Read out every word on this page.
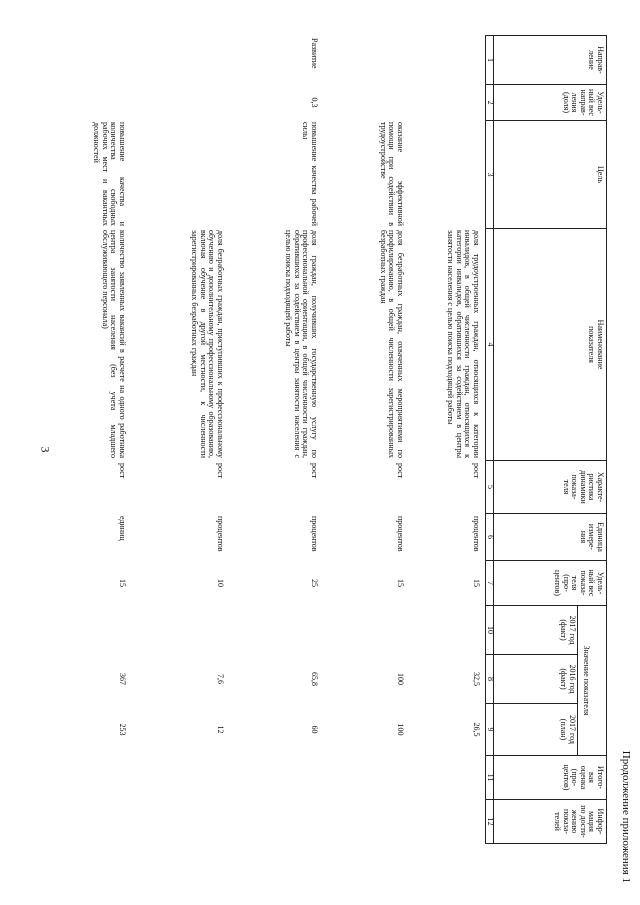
Продолжение приложения 1
Направ-
ление
Удель-
ный вес
направ-
ления
(доля)
Цель
Наименование
показателя
Характе-
ристика
динамики
показа-
теля
Единица
измере-
ния
Удель-
ный вес
показа-
теля
(про-
центов)
Значение показателя
2016 год
(факт)
2017 год
(план)
2017 год
(факт)
Итого-
вая
оценка
(про-
центов)
Инфор-
мация
по дости-
жению
показа-
телей
1
2
3
4
5
6
7
8
9
10
11
12
доля трудоустроенных граждан, относящихся к категории инвалидов, в общей численности граждан, относящихся к категории инвалидов, обратившихся за содействием в центры занятости населения с целью поиска подходящей работы
рост
процентов
15
32,5
26,5
оказание эффективной помощи при содействии в трудоустройстве
доля безработных граждан, охваченных мероприятиями по профилированию, в общей численности зарегистрированных безработных граждан
рост
процентов
15
100
100
Развитие
0,3
повышение качества рабочей силы
доля граждан, получивших государственную услугу по профессиональной ориентации, в общей численности граждан, обратившихся за содействием в центры занятости населения с целью поиска подходящей работы
рост
процентов
25
65,8
60
доля безработных граждан, приступивших к профессиональному обучению и дополнительному профессиональному образованию, включая обучение в другой местности, к численности зарегистрированных безработных граждан
рост
процентов
10
7,6
12
повышение качества и количества свободных рабочих мест и вакантных должностей
количество заявленных вакансий в расчете на одного работника центра занятости населения (без учета младшего обслуживающего персонала)
рост
единиц
15
367
253
3
